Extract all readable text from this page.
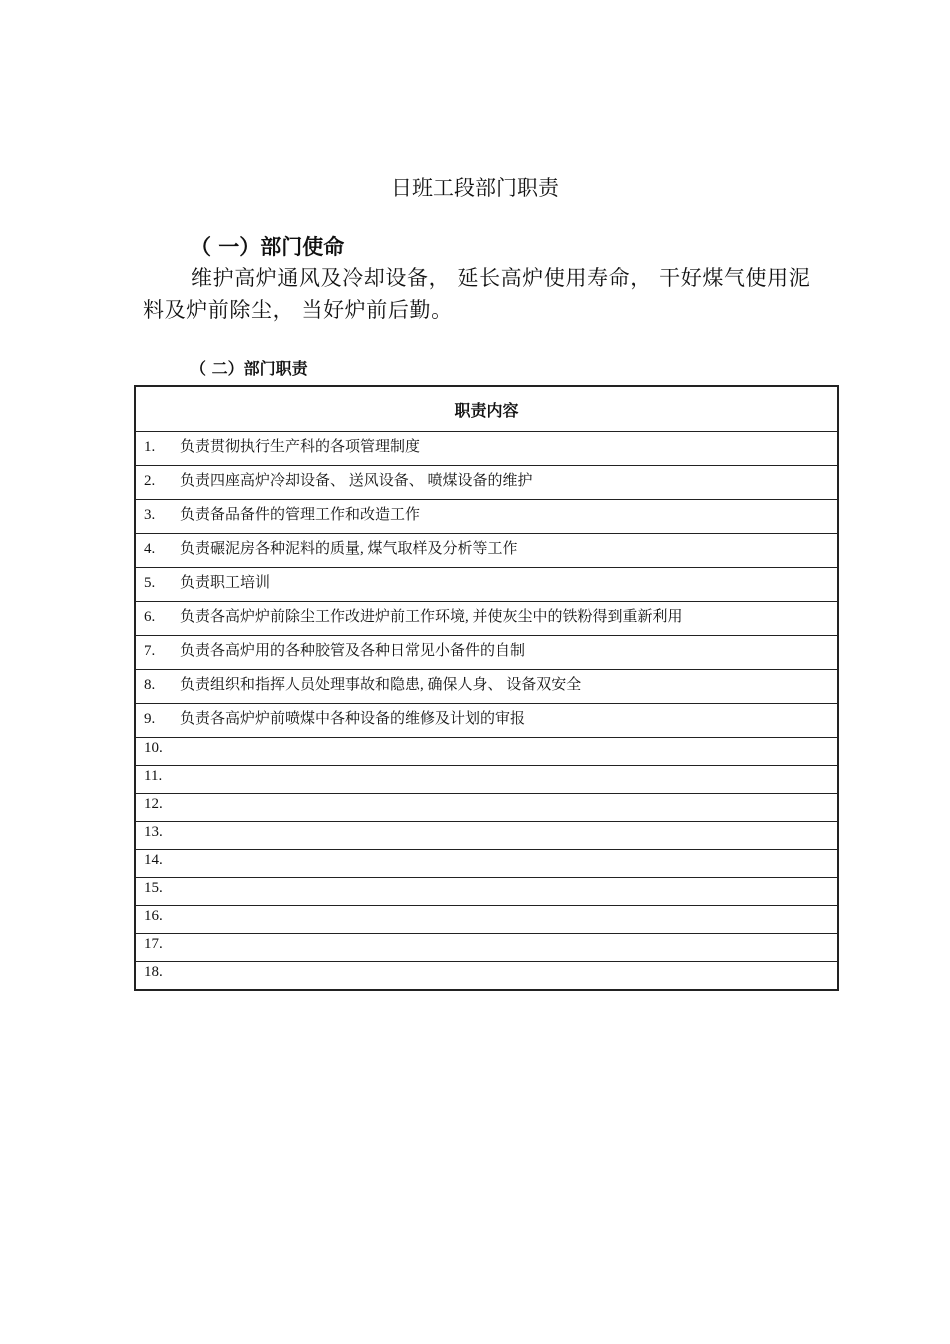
日班工段部门职责
（ 一）部门使命
维护高炉通风及冷却设备， 延长高炉使用寿命， 干好煤气使用泥料及炉前除尘， 当好炉前后勤。
（ 二）部门职责
职责内容
1. 负责贯彻执行生产科的各项管理制度
2. 负责四座高炉冷却设备、 送风设备、 喷煤设备的维护
3. 负责备品备件的管理工作和改造工作
4. 负责碾泥房各种泥料的质量, 煤气取样及分析等工作
5. 负责职工培训
6. 负责各高炉炉前除尘工作改进炉前工作环境, 并使灰尘中的铁粉得到重新利用
7. 负责各高炉用的各种胶管及各种日常见小备件的自制
8. 负责组织和指挥人员处理事故和隐患, 确保人身、 设备双安全
9. 负责各高炉炉前喷煤中各种设备的维修及计划的审报
10.
11.
12.
13.
14.
15.
16.
17.
18.
